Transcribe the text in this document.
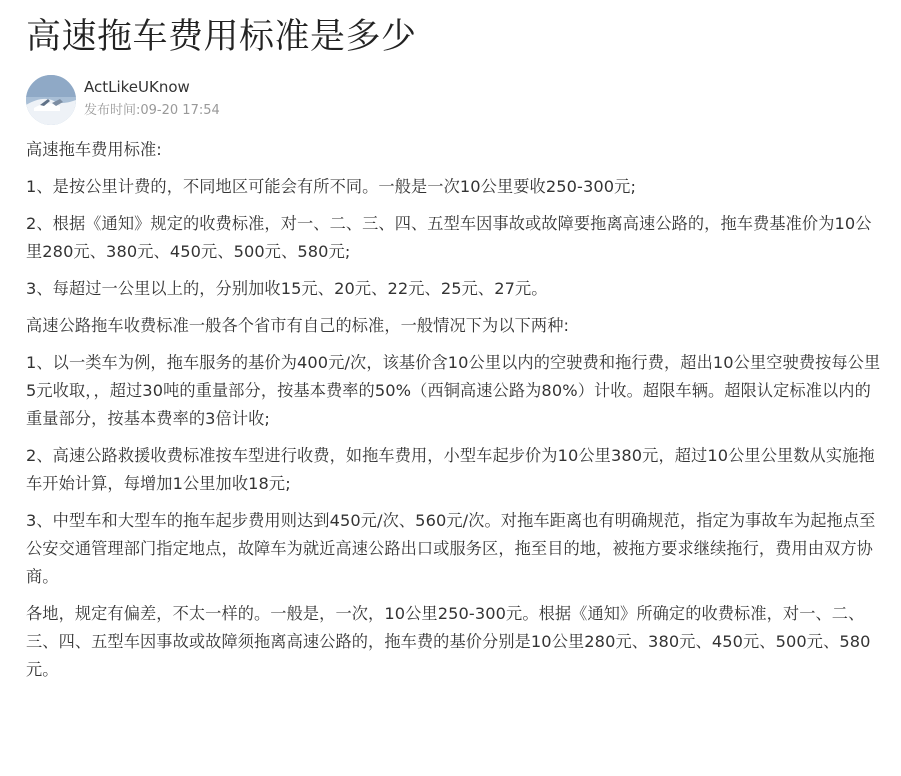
高速拖车费用标准是多少
ActLikeUKnow
发布时间:09-20 17:54

高速拖车费用标准:

1、是按公里计费的，不同地区可能会有所不同。一般是一次10公里要收250-300元;

2、根据《通知》规定的收费标准，对一、二、三、四、五型车因事故或故障要拖离高速公路的，拖车费基准价为10公里280元、380元、450元、500元、580元;

3、每超过一公里以上的，分别加收15元、20元、22元、25元、27元。

高速公路拖车收费标准一般各个省市有自己的标准，一般情况下为以下两种:

1、以一类车为例，拖车服务的基价为400元/次，该基价含10公里以内的空驶费和拖行费，超出10公里空驶费按每公里5元收取，，超过30吨的重量部分，按基本费率的50%（西铜高速公路为80%）计收。超限车辆。超限认定标准以内的重量部分，按基本费率的3倍计收;

2、高速公路救援收费标准按车型进行收费，如拖车费用，小型车起步价为10公里380元，超过10公里公里数从实施拖车开始计算，每增加1公里加收18元;

3、中型车和大型车的拖车起步费用则达到450元/次、560元/次。对拖车距离也有明确规范，指定为事故车为起拖点至公安交通管理部门指定地点，故障车为就近高速公路出口或服务区，拖至目的地，被拖方要求继续拖行，费用由双方协商。

各地，规定有偏差，不太一样的。一般是，一次，10公里250-300元。根据《通知》所确定的收费标准，对一、二、三、四、五型车因事故或故障须拖离高速公路的，拖车费的基价分别是10公里280元、380元、450元、500元、580元。
